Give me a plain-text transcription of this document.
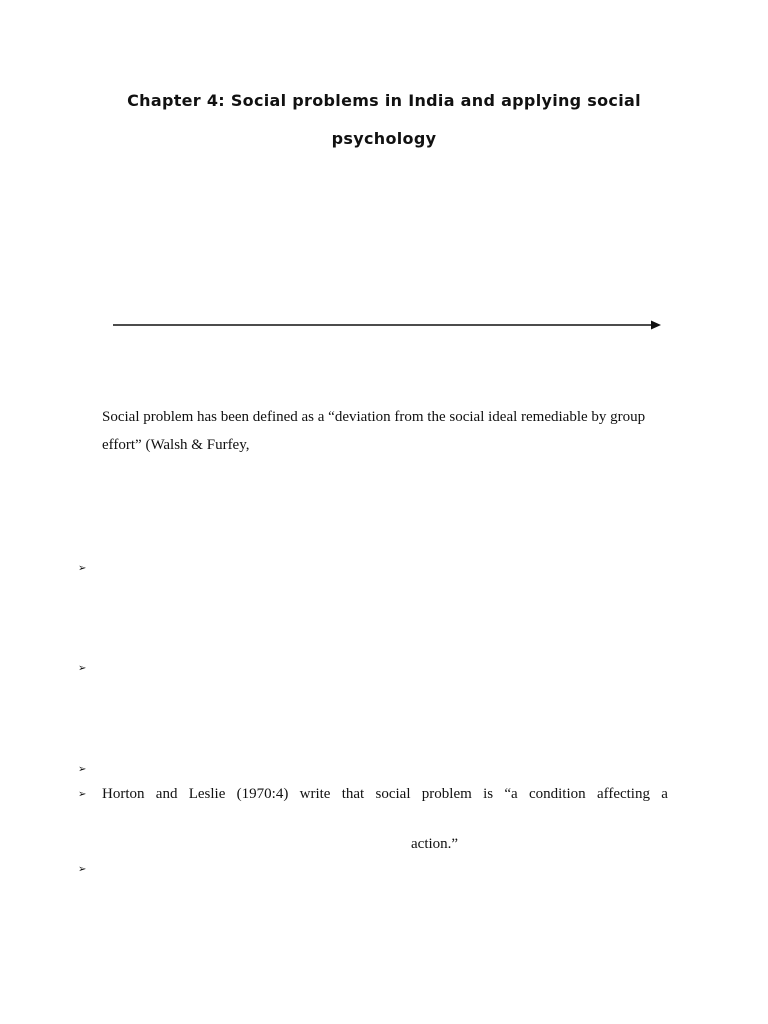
Chapter 4: Social problems in India and applying social
psychology
Social problem has been defined as a “deviation from the social ideal remediable by group
effort” (Walsh & Furfey,
➢
➢
➢
➢
➢
Horton and Leslie (1970:4) write that social problem is “a condition affecting a
action.”
